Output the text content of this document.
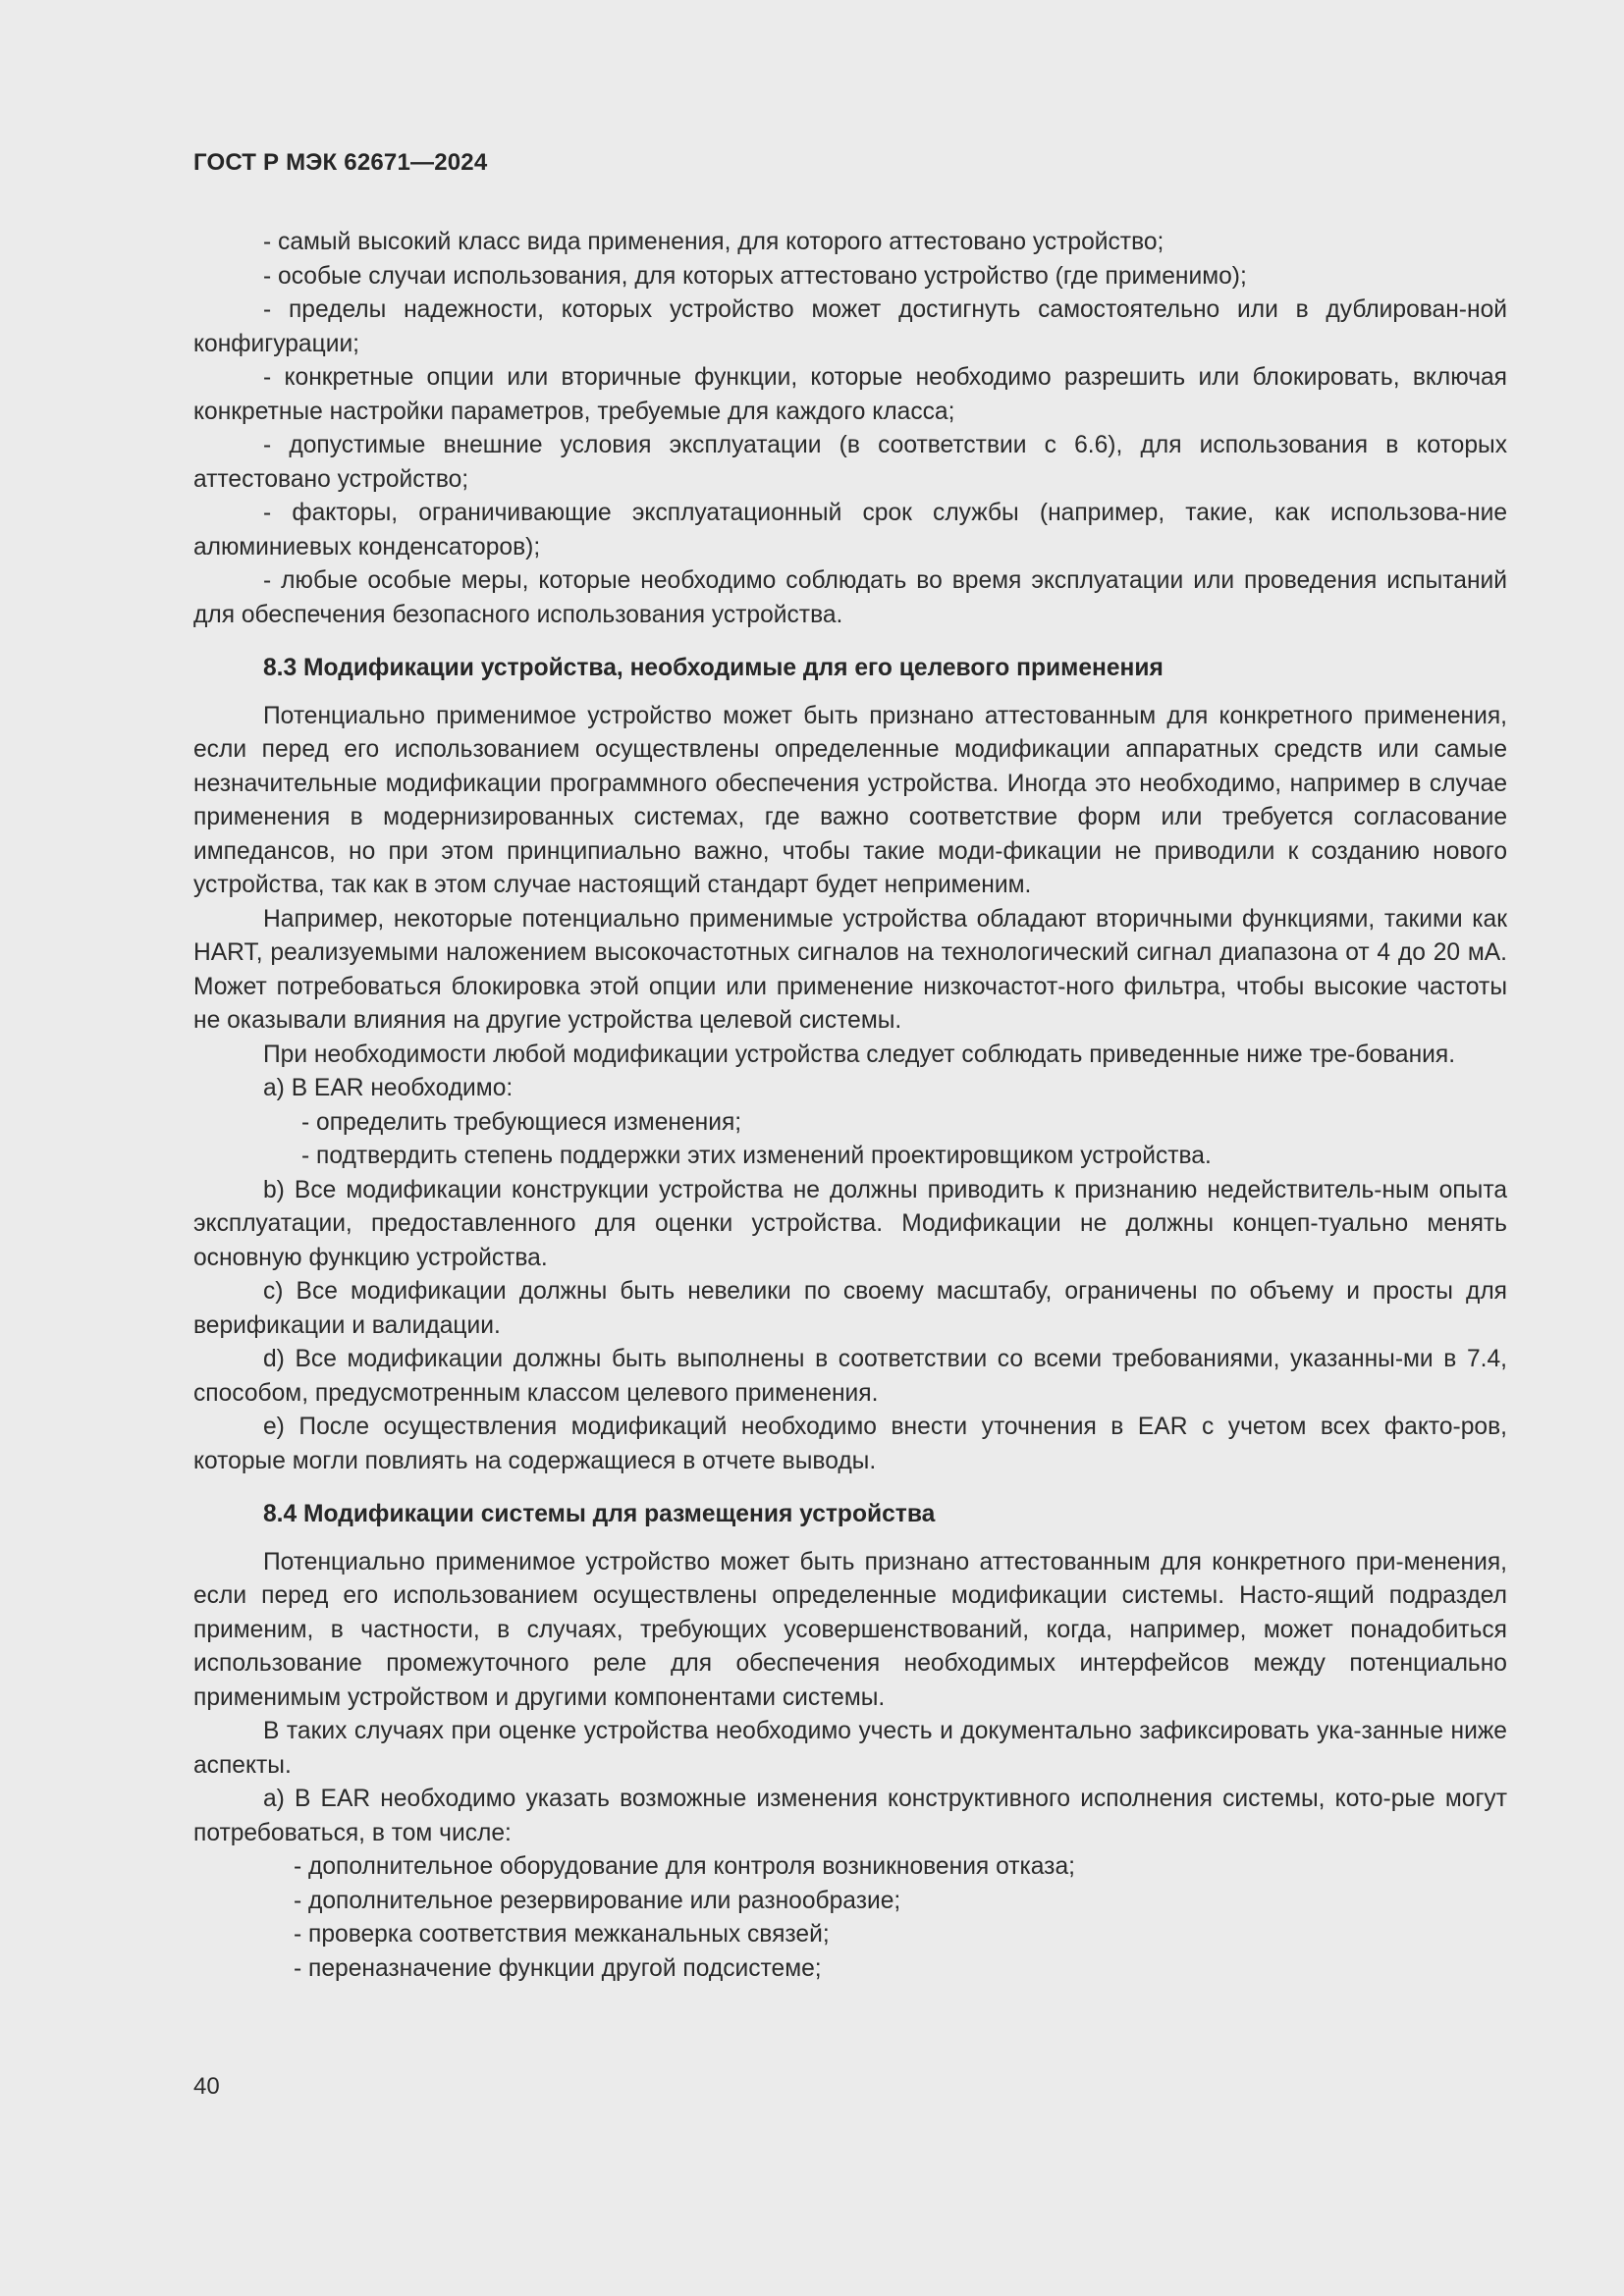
ГОСТ Р МЭК 62671—2024

- самый высокий класс вида применения, для которого аттестовано устройство;

- особые случаи использования, для которых аттестовано устройство (где применимо);

- пределы надежности, которых устройство может достигнуть самостоятельно или в дублирован-ной конфигурации;

- конкретные опции или вторичные функции, которые необходимо разрешить или блокировать, включая конкретные настройки параметров, требуемые для каждого класса;

- допустимые внешние условия эксплуатации (в соответствии с 6.6), для использования в которых аттестовано устройство;

- факторы, ограничивающие эксплуатационный срок службы (например, такие, как использова-ние алюминиевых конденсаторов);

- любые особые меры, которые необходимо соблюдать во время эксплуатации или проведения испытаний для обеспечения безопасного использования устройства.

8.3 Модификации устройства, необходимые для его целевого применения

Потенциально применимое устройство может быть признано аттестованным для конкретного применения, если перед его использованием осуществлены определенные модификации аппаратных средств или самые незначительные модификации программного обеспечения устройства. Иногда это необходимо, например в случае применения в модернизированных системах, где важно соответствие форм или требуется согласование импедансов, но при этом принципиально важно, чтобы такие моди-фикации не приводили к созданию нового устройства, так как в этом случае настоящий стандарт будет неприменим.

Например, некоторые потенциально применимые устройства обладают вторичными функциями, такими как HART, реализуемыми наложением высокочастотных сигналов на технологический сигнал диапазона от 4 до 20 мА. Может потребоваться блокировка этой опции или применение низкочастот-ного фильтра, чтобы высокие частоты не оказывали влияния на другие устройства целевой системы.

При необходимости любой модификации устройства следует соблюдать приведенные ниже тре-бования.

а) В EAR необходимо:

- определить требующиеся изменения;

- подтвердить степень поддержки этих изменений проектировщиком устройства.

b) Все модификации конструкции устройства не должны приводить к признанию недействитель-ным опыта эксплуатации, предоставленного для оценки устройства. Модификации не должны концеп-туально менять основную функцию устройства.

c) Все модификации должны быть невелики по своему масштабу, ограничены по объему и просты для верификации и валидации.

d) Все модификации должны быть выполнены в соответствии со всеми требованиями, указанны-ми в 7.4, способом, предусмотренным классом целевого применения.

e) После осуществления модификаций необходимо внести уточнения в EAR с учетом всех факто-ров, которые могли повлиять на содержащиеся в отчете выводы.

8.4 Модификации системы для размещения устройства

Потенциально применимое устройство может быть признано аттестованным для конкретного при-менения, если перед его использованием осуществлены определенные модификации системы. Насто-ящий подраздел применим, в частности, в случаях, требующих усовершенствований, когда, например, может понадобиться использование промежуточного реле для обеспечения необходимых интерфейсов между потенциально применимым устройством и другими компонентами системы.

В таких случаях при оценке устройства необходимо учесть и документально зафиксировать ука-занные ниже аспекты.

а) В EAR необходимо указать возможные изменения конструктивного исполнения системы, кото-рые могут потребоваться, в том числе:

- дополнительное оборудование для контроля возникновения отказа;

- дополнительное резервирование или разнообразие;

- проверка соответствия межканальных связей;

- переназначение функции другой подсистеме;

40
